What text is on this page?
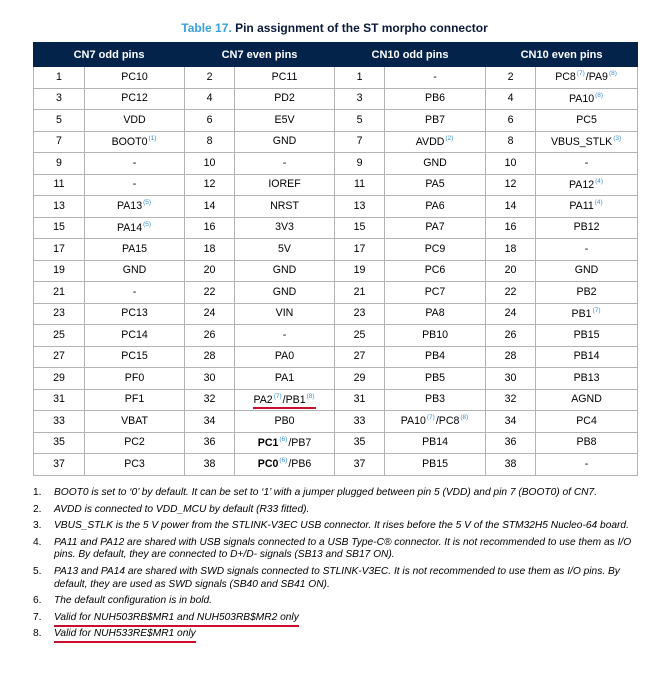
Table 17. Pin assignment of the ST morpho connector
CN7 odd pins		CN7 even pins		CN10 odd pins		CN10 even pins	
1	PC10	2	PC11	1	-	2	PC8$^{(7)}$/PA9$^{(8)}$
3	PC12	4	PD2	3	PB6	4	PA10$^{(8)}$
5	VDD	6	E5V	5	PB7	6	PC5
7	BOOT0$^{(1)}$	8	GND	7	AVDD$^{(2)}$	8	VBUS_STLK$^{(3)}$
9	-	10	-	9	GND	10	-
11	-	12	IOREF	11	PA5	12	PA12$^{(4)}$
13	PA13$^{(5)}$	14	NRST	13	PA6	14	PA11$^{(4)}$
15	PA14$^{(5)}$	16	3V3	15	PA7	16	PB12
17	PA15	18	5V	17	PC9	18	-
19	GND	20	GND	19	PC6	20	GND
21	-	22	GND	21	PC7	22	PB2
23	PC13	24	VIN	23	PA8	24	PB1$^{(7)}$
25	PC14	26	-	25	PB10	26	PB15
27	PC15	28	PA0	27	PB4	28	PB14
29	PF0	30	PA1	29	PB5	30	PB13
31	PF1	32	PA2$^{(7)}$/PB1$^{(8)}$	31	PB3	32	AGND
33	VBAT	34	PB0	33	PA10$^{(7)}$/PC8$^{(8)}$	34	PC4
35	PC2	36	PC1$^{(6)}$/PB7	35	PB14	36	PB8
37	PC3	38	PC0$^{(6)}$/PB6	37	PB15	38	-
1.	BOOT0 is set to ‘0’ by default. It can be set to ‘1’ with a jumper plugged between pin 5 (VDD) and pin 7 (BOOT0) of CN7.
2.	AVDD is connected to VDD_MCU by default (R33 fitted).
3.	VBUS_STLK is the 5 V power from the STLINK-V3EC USB connector. It rises before the 5 V of the STM32H5 Nucleo-64 board.
4.	PA11 and PA12 are shared with USB signals connected to a USB Type-C® connector. It is not recommended to use them as I/O pins. By default, they are connected to D+/D- signals (SB13 and SB17 ON).
5.	PA13 and PA14 are shared with SWD signals connected to STLINK-V3EC. It is not recommended to use them as I/O pins. By default, they are used as SWD signals (SB40 and SB41 ON).
6.	The default configuration is in bold.
7.	Valid for NUH503RB$MR1 and NUH503RB$MR2 only
8.	Valid for NUH533RE$MR1 only
